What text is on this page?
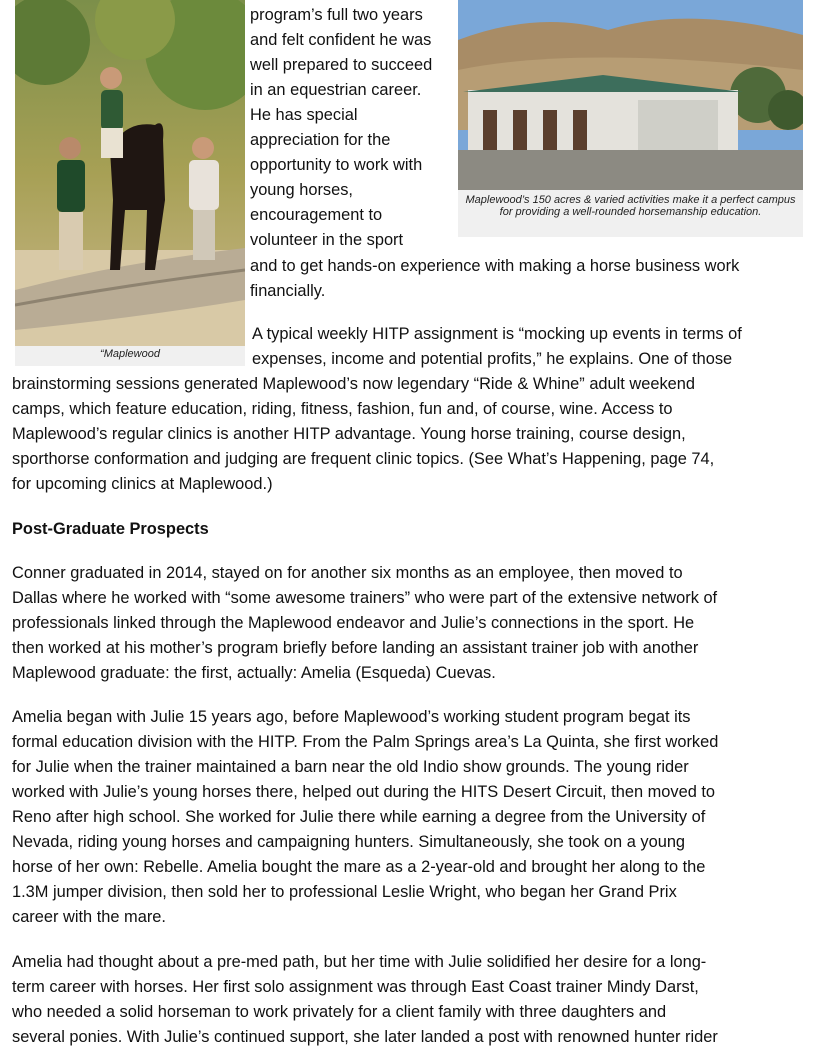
“Maplewood
Maplewood’s 150 acres & varied activities make it a perfect campus for providing a well-rounded horsemanship education.
program’s full two years
and felt confident he was
well prepared to succeed
in an equestrian career.
He has special
appreciation for the
opportunity to work with
young horses,
encouragement to
volunteer in the sport
and to get hands-on experience with making a horse business work
financially.
A typical weekly HITP assignment is “mocking up events in terms of
expenses, income and potential profits,” he explains. One of those
brainstorming sessions generated Maplewood’s now legendary “Ride & Whine” adult weekend
camps, which feature education, riding, fitness, fashion, fun and, of course, wine. Access to
Maplewood’s regular clinics is another HITP advantage. Young horse training, course design,
sporthorse conformation and judging are frequent clinic topics. (See What’s Happening, page 74,
for upcoming clinics at Maplewood.)
Post-Graduate Prospects
Conner graduated in 2014, stayed on for another six months as an employee, then moved to
Dallas where he worked with “some awesome trainers” who were part of the extensive network of
professionals linked through the Maplewood endeavor and Julie’s connections in the sport. He
then worked at his mother’s program briefly before landing an assistant trainer job with another
Maplewood graduate: the first, actually: Amelia (Esqueda) Cuevas.
Amelia began with Julie 15 years ago, before Maplewood’s working student program begat its
formal education division with the HITP. From the Palm Springs area’s La Quinta, she first worked
for Julie when the trainer maintained a barn near the old Indio show grounds. The young rider
worked with Julie’s young horses there, helped out during the HITS Desert Circuit, then moved to
Reno after high school. She worked for Julie there while earning a degree from the University of
Nevada, riding young horses and campaigning hunters. Simultaneously, she took on a young
horse of her own: Rebelle. Amelia bought the mare as a 2-year-old and brought her along to the
1.3M jumper division, then sold her to professional Leslie Wright, who began her Grand Prix
career with the mare.
Amelia had thought about a pre-med path, but her time with Julie solidified her desire for a long-
term career with horses. Her first solo assignment was through East Coast trainer Mindy Darst,
who needed a solid horseman to work privately for a client family with three daughters and
several ponies. With Julie’s continued support, she later landed a post with renowned hunter rider
